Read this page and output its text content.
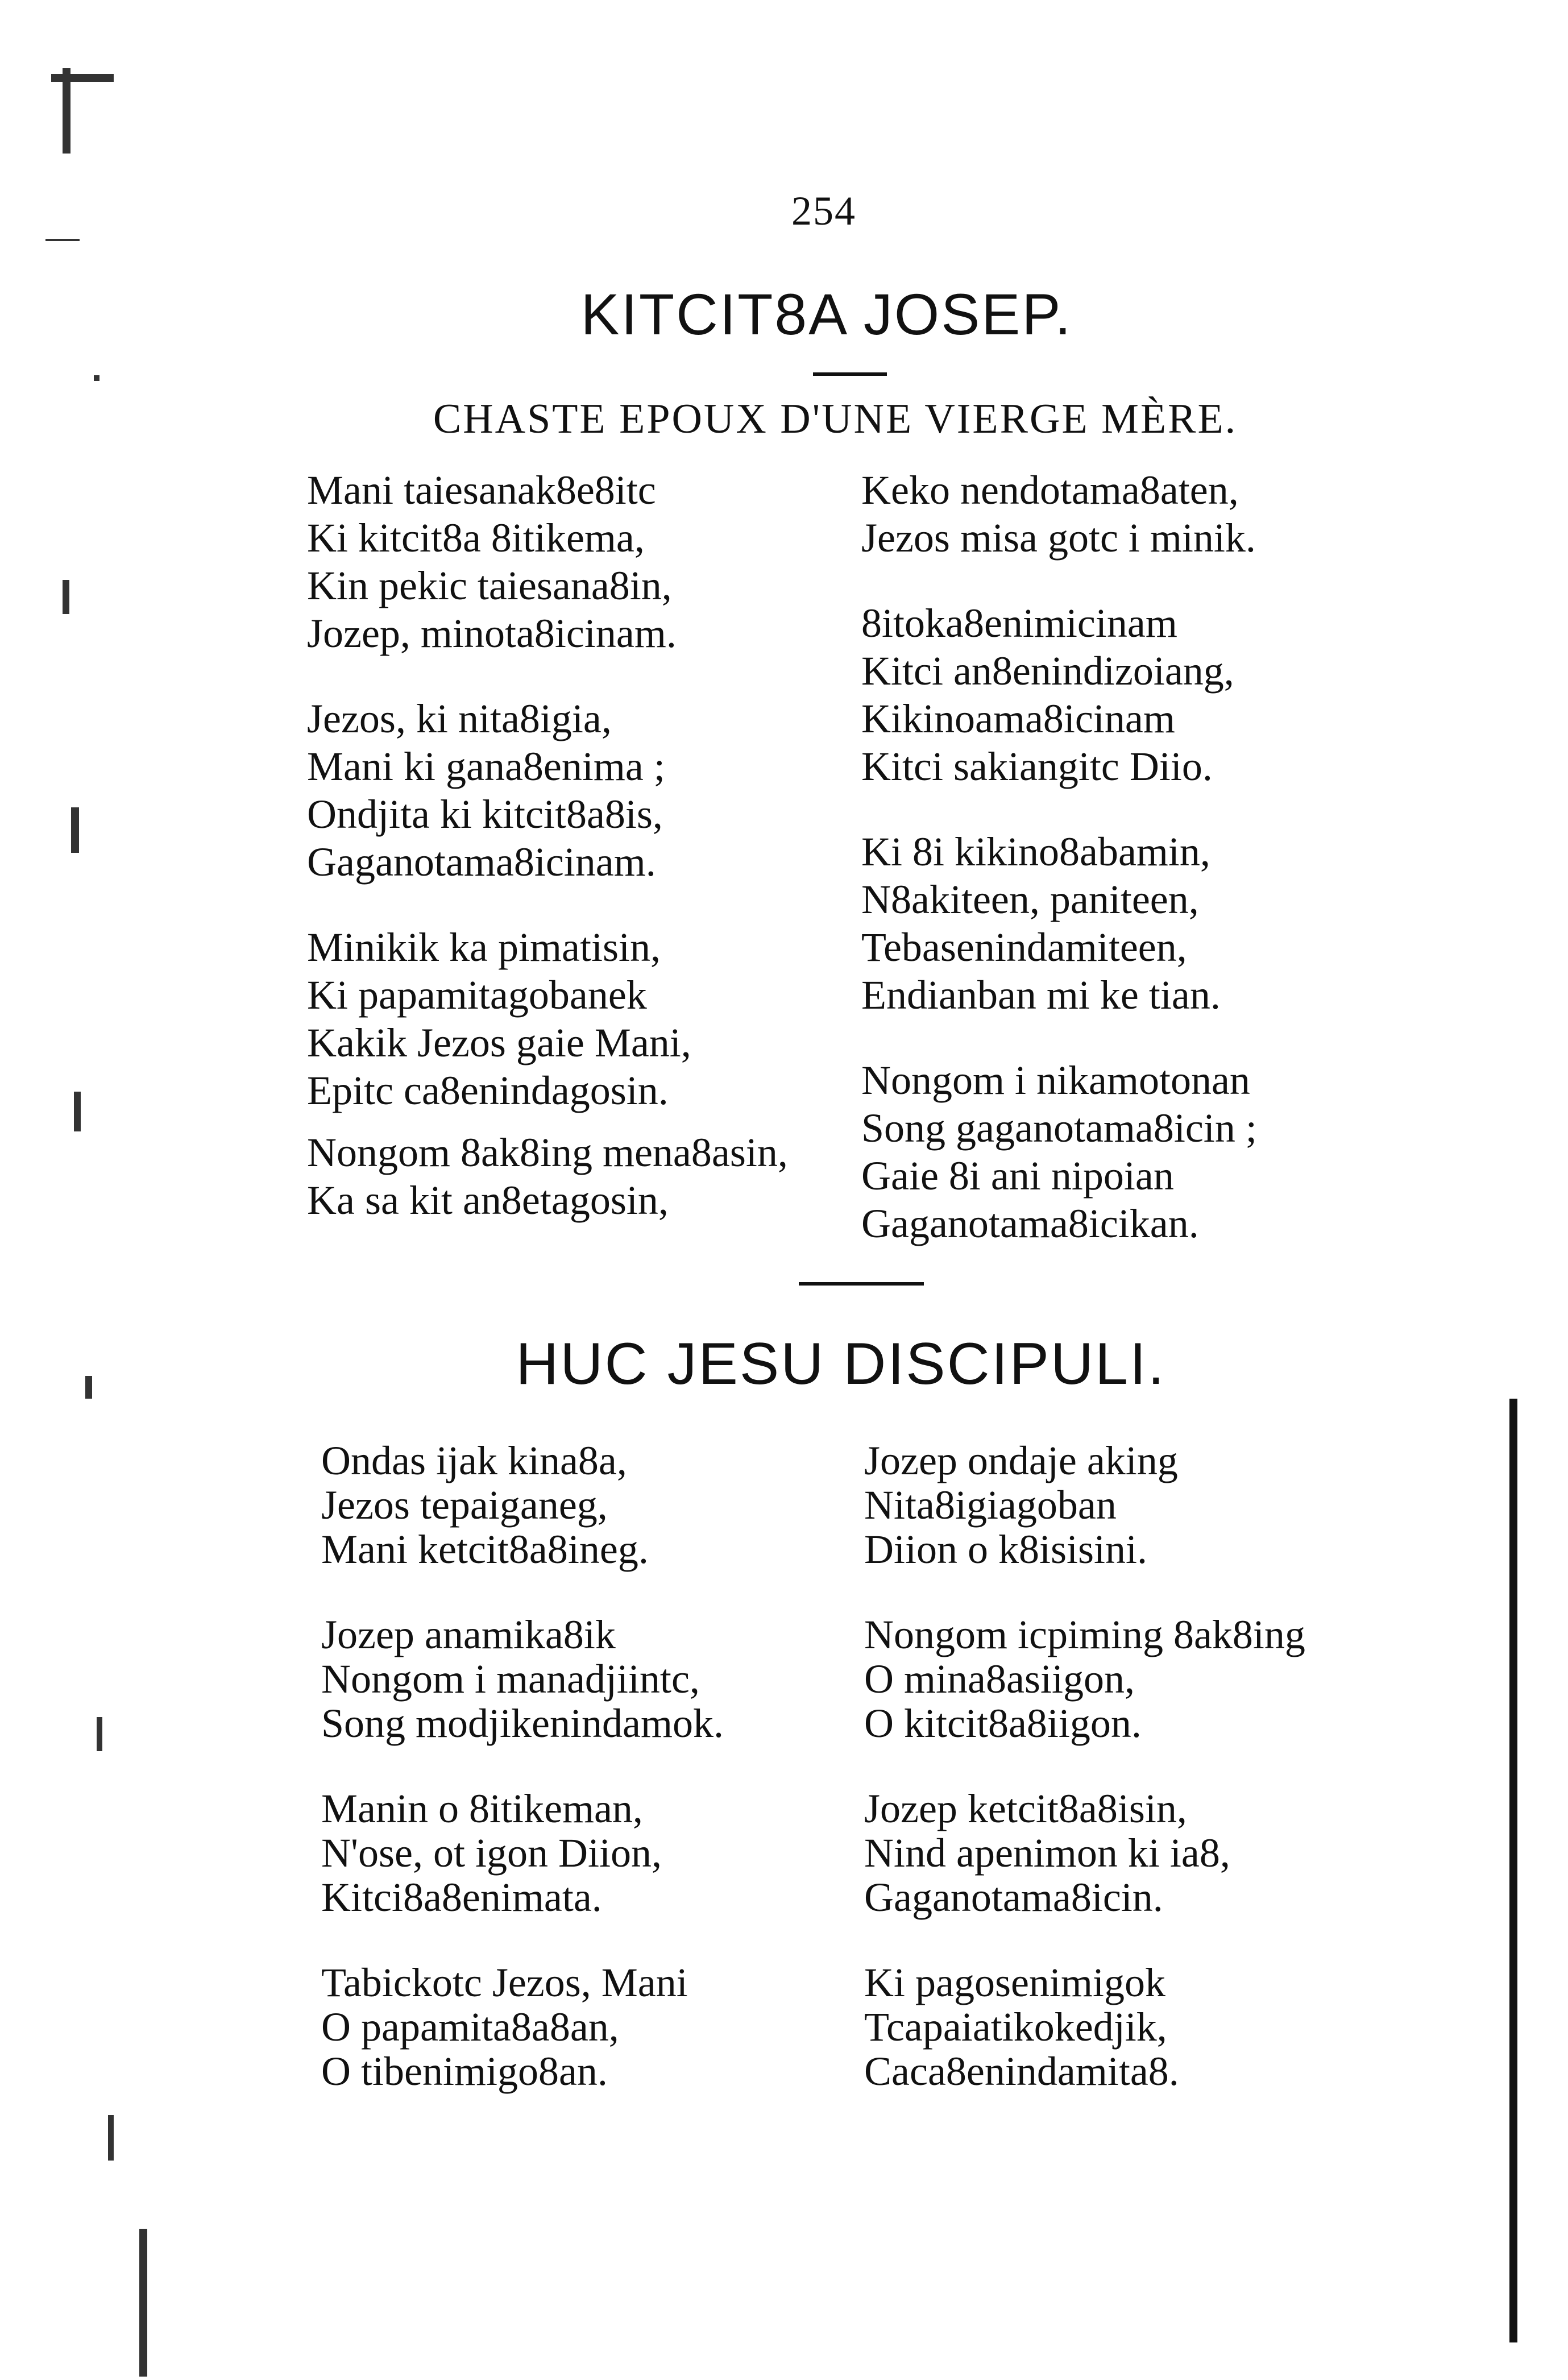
254
KITCIT8A JOSEP.
CHASTE EPOUX D'UNE VIERGE MÈRE.
Mani taiesanak8e8itc
Ki kitcit8a 8itikema,
Kin pekic taiesana8in,
Jozep, minota8icinam.
Jezos, ki nita8igia,
Mani ki gana8enima ;
Ondjita ki kitcit8a8is,
Gaganotama8icinam.
Minikik ka pimatisin,
Ki papamitagobanek
Kakik Jezos gaie Mani,
Epitc ca8enindagosin.
Nongom 8ak8ing mena8asin,
Ka sa kit an8etagosin,
Keko nendotama8aten,
Jezos misa gotc i minik.
8itoka8enimicinam
Kitci an8enindizoiang,
Kikinoama8icinam
Kitci sakiangitc Diio.
Ki 8i kikino8abamin,
N8akiteen, paniteen,
Tebasenindamiteen,
Endianban mi ke tian.
Nongom i nikamotonan
Song gaganotama8icin ;
Gaie 8i ani nipoian
Gaganotama8icikan.
HUC JESU DISCIPULI.
Ondas ijak kina8a,
Jezos tepaiganeg,
Mani ketcit8a8ineg.
Jozep anamika8ik
Nongom i manadjiintc,
Song modjikenindamok.
Manin o 8itikeman,
N'ose, ot igon Diion,
Kitci8a8enimata.
Tabickotc Jezos, Mani
O papamita8a8an,
O tibenimigo8an.
Jozep ondaje aking
Nita8igiagoban
Diion o k8isisini.
Nongom icpiming 8ak8ing
O mina8asiigon,
O kitcit8a8iigon.
Jozep ketcit8a8isin,
Nind apenimon ki ia8,
Gaganotama8icin.
Ki pagosenimigok
Tcapaiatikokedjik,
Caca8enindamita8.
